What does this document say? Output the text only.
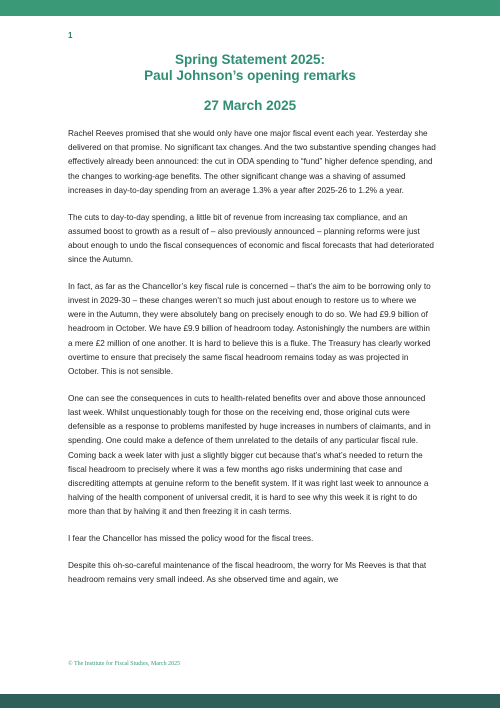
1
Spring Statement 2025:
Paul Johnson’s opening remarks
27 March 2025

Rachel Reeves promised that she would only have one major fiscal event each year. Yesterday she delivered on that promise. No significant tax changes. And the two substantive spending changes had effectively already been announced: the cut in ODA spending to “fund” higher defence spending, and the changes to working-age benefits. The other significant change was a shaving of assumed increases in day-to-day spending from an average 1.3% a year after 2025-26 to 1.2% a year.

The cuts to day-to-day spending, a little bit of revenue from increasing tax compliance, and an assumed boost to growth as a result of – also previously announced – planning reforms were just about enough to undo the fiscal consequences of economic and fiscal forecasts that had deteriorated since the Autumn.

In fact, as far as the Chancellor’s key fiscal rule is concerned – that’s the aim to be borrowing only to invest in 2029-30 – these changes weren’t so much just about enough to restore us to where we were in the Autumn, they were absolutely bang on precisely enough to do so. We had £9.9 billion of headroom in October. We have £9.9 billion of headroom today. Astonishingly the numbers are within a mere £2 million of one another. It is hard to believe this is a fluke. The Treasury has clearly worked overtime to ensure that precisely the same fiscal headroom remains today as was projected in October. This is not sensible.

One can see the consequences in cuts to health-related benefits over and above those announced last week. Whilst unquestionably tough for those on the receiving end, those original cuts were defensible as a response to problems manifested by huge increases in numbers of claimants, and in spending. One could make a defence of them unrelated to the details of any particular fiscal rule. Coming back a week later with just a slightly bigger cut because that’s what’s needed to return the fiscal headroom to precisely where it was a few months ago risks undermining that case and discrediting attempts at genuine reform to the benefit system. If it was right last week to announce a halving of the health component of universal credit, it is hard to see why this week it is right to do more than that by halving it and then freezing it in cash terms.

I fear the Chancellor has missed the policy wood for the fiscal trees.

Despite this oh-so-careful maintenance of the fiscal headroom, the worry for Ms Reeves is that that headroom remains very small indeed. As she observed time and again, we

© The Institute for Fiscal Studies, March 2025
